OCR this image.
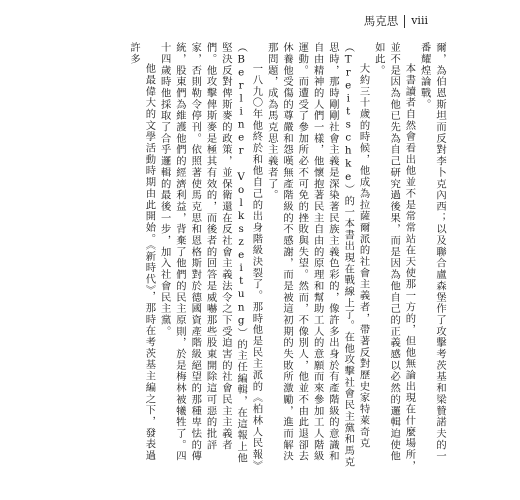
馬克思 viii

爾，為伯恩斯坦而反對李卜克內西；以及聯合盧森堡作了攻擊考茨基和梁贊諾夫的一番耀煌論戰。

本書讀者自然會看出他並不是常常站在天使那一方的，但他無論出現在什麼場所，並不是因為他已先為自己研究過後果，而是因為他自己的正義感以必然的邏輯迫使他如此。

大約三十歲的時候，他成為拉薩爾派的社會主義者，帶著反對歷史家特萊奇克（Treitschke）的一本書出現在戰線上了。在他攻擊社會民主黨和馬克思時，那時剛剛社會主義是深染著民族主義色彩的，像許多出身於有產階級的意識和自由精神的人們一樣，他懷抱著民主自由的原理和幫助工人的意願而來參加工人階級運動。而遭受了參加所必不可免的挫敗與失望。然而，不像別人，他並不由此退卻去休養他受傷的尊嚴和怨嘆無產階級的不感謝，而是被這初期的失敗所激勵，進而解決那問題，成為馬克思主義者了。

一八九〇年他終於和他自己的出身階級決裂了。那時他是民主派的《柏林人民報》（Berliner Volkszeitung）的主任編輯，在這報上他堅決反對俾斯麥的政策，並保衛還在反社會主義法令之下受迫害的社會民主主義者們。他攻擊俾斯麥是極其有效的，而後者的回答是威嚇那些股東開除這可惡的批評家，否則勒令停刊。依照著使馬克思和恩格斯對於德國資產階級絕望的那種卑怯的傳統，股東們為維護他們的經濟利益，背棄了他們的民主原則，於是梅林被犧牲了。四十四歲時他採取了合乎邏輯的最後一步，加入社會民主黨。

他最偉大的文學活動時期由此開始。《新時代》，那時在考茨基主編之下，發表過許多
